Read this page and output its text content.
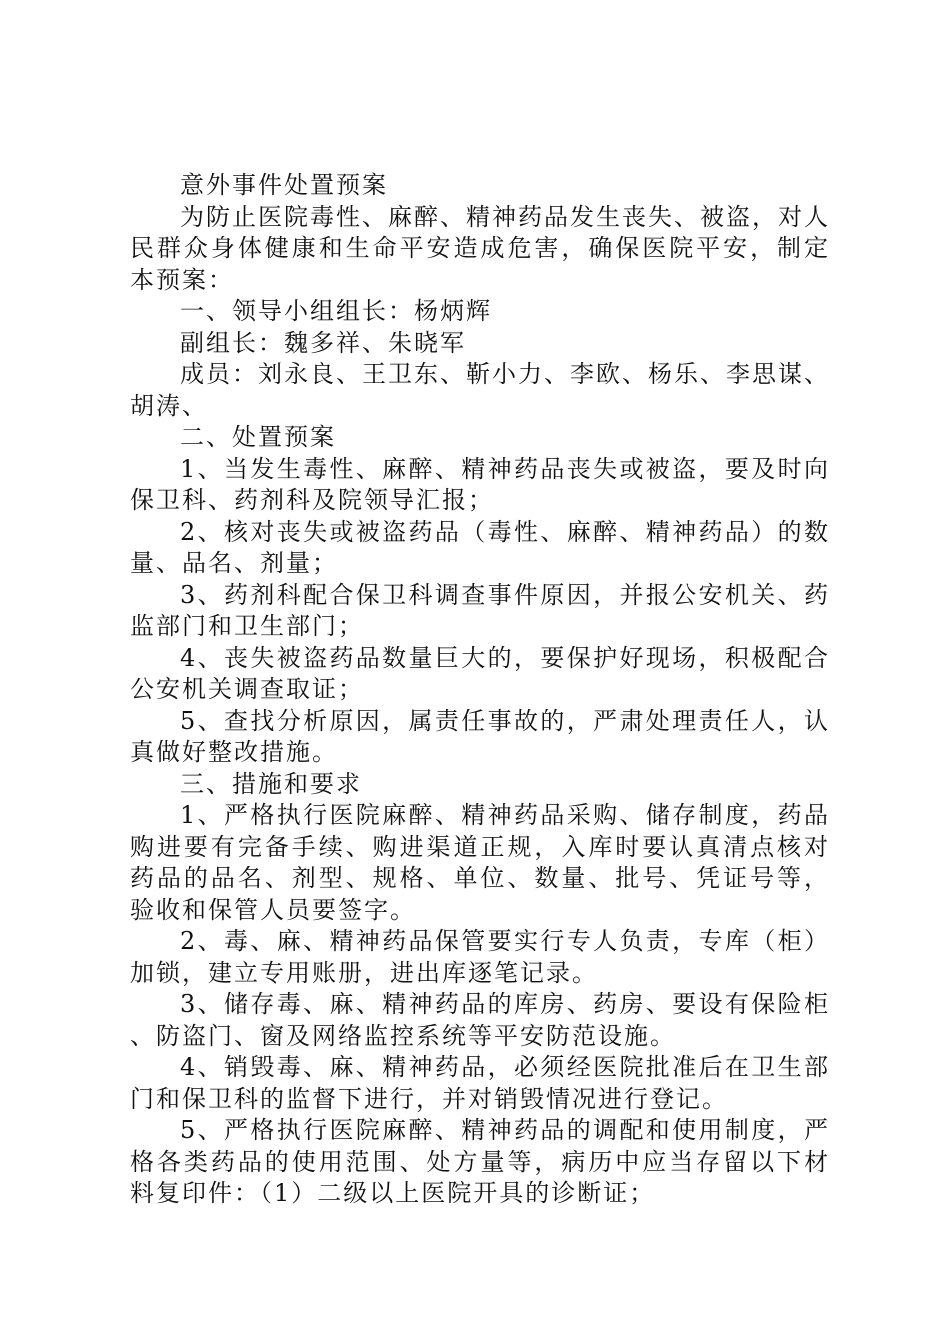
意外事件处置预案

为防止医院毒性、麻醉、精神药品发生丧失、被盗，对人民群众身体健康和生命平安造成危害，确保医院平安，制定本预案：

一、领导小组组长：杨炳辉

副组长：魏多祥、朱晓军

成员：刘永良、王卫东、靳小力、李欧、杨乐、李思谋、胡涛、

二、处置预案

1、当发生毒性、麻醉、精神药品丧失或被盗，要及时向保卫科、药剂科及院领导汇报；

2、核对丧失或被盗药品（毒性、麻醉、精神药品）的数量、品名、剂量；

3、药剂科配合保卫科调查事件原因，并报公安机关、药监部门和卫生部门；

4、丧失被盗药品数量巨大的，要保护好现场，积极配合公安机关调查取证；

5、查找分析原因，属责任事故的，严肃处理责任人，认真做好整改措施。

三、措施和要求

1、严格执行医院麻醉、精神药品采购、储存制度，药品购进要有完备手续、购进渠道正规，入库时要认真清点核对药品的品名、剂型、规格、单位、数量、批号、凭证号等，验收和保管人员要签字。

2、毒、麻、精神药品保管要实行专人负责，专库（柜）加锁，建立专用账册，进出库逐笔记录。

3、储存毒、麻、精神药品的库房、药房、要设有保险柜、防盗门、窗及网络监控系统等平安防范设施。

4、销毁毒、麻、精神药品，必须经医院批准后在卫生部门和保卫科的监督下进行，并对销毁情况进行登记。

5、严格执行医院麻醉、精神药品的调配和使用制度，严格各类药品的使用范围、处方量等，病历中应当存留以下材料复印件：（1）二级以上医院开具的诊断证；
